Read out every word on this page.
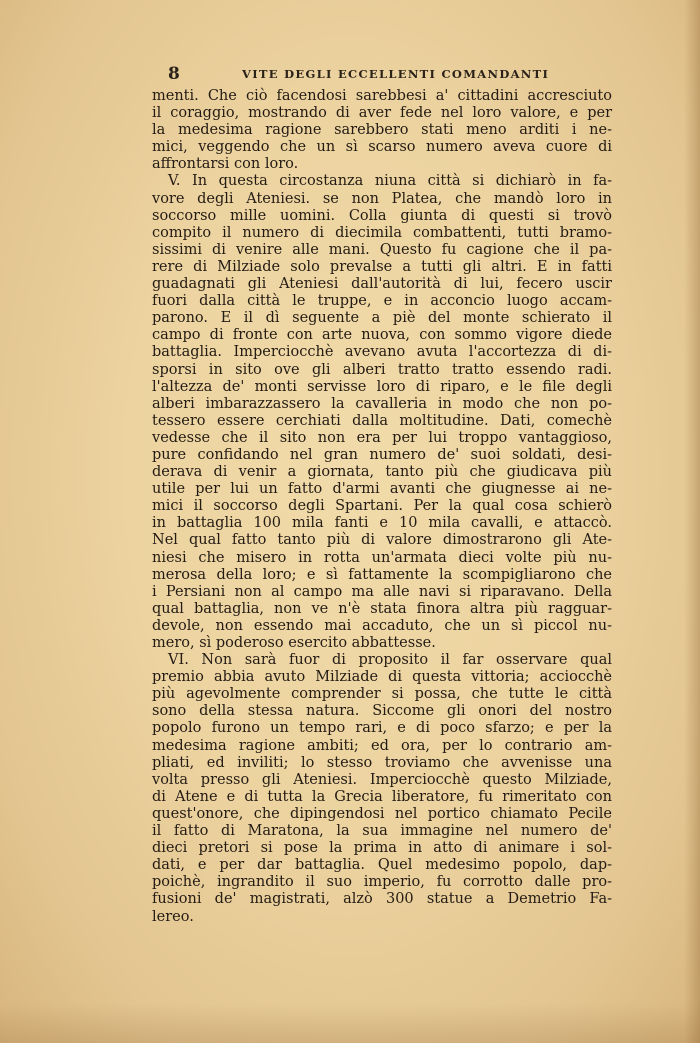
8	VITE DEGLI ECCELLENTI COMANDANTI
menti. Che ciò facendosi sarebbesi a' cittadini accresciuto
il coraggio, mostrando di aver fede nel loro valore, e per
la medesima ragione sarebbero stati meno arditi i ne-
mici, veggendo che un sì scarso numero aveva cuore di
affrontarsi con loro.
V. In questa circostanza niuna città si dichiarò in fa-
vore degli Ateniesi. se non Platea, che mandò loro in
soccorso mille uomini. Colla giunta di questi si trovò
compito il numero di diecimila combattenti, tutti bramo-
sissimi di venire alle mani. Questo fu cagione che il pa-
rere di Milziade solo prevalse a tutti gli altri. E in fatti
guadagnati gli Ateniesi dall'autorità di lui, fecero uscir
fuori dalla città le truppe, e in acconcio luogo accam-
parono. E il dì seguente a piè del monte schierato il
campo di fronte con arte nuova, con sommo vigore diede
battaglia. Imperciocchè avevano avuta l'accortezza di di-
sporsi in sito ove gli alberi tratto tratto essendo radi.
l'altezza de' monti servisse loro di riparo, e le file degli
alberi imbarazzassero la cavalleria in modo che non po-
tessero essere cerchiati dalla moltitudine. Dati, comechè
vedesse che il sito non era per lui troppo vantaggioso,
pure confidando nel gran numero de' suoi soldati, desi-
derava di venir a giornata, tanto più che giudicava più
utile per lui un fatto d'armi avanti che giugnesse ai ne-
mici il soccorso degli Spartani. Per la qual cosa schierò
in battaglia 100 mila fanti e 10 mila cavalli, e attaccò.
Nel qual fatto tanto più di valore dimostrarono gli Ate-
niesi che misero in rotta un'armata dieci volte più nu-
merosa della loro; e sì fattamente la scompigliarono che
i Persiani non al campo ma alle navi si riparavano. Della
qual battaglia, non ve n'è stata finora altra più ragguar-
devole, non essendo mai accaduto, che un sì piccol nu-
mero, sì poderoso esercito abbattesse.
VI. Non sarà fuor di proposito il far osservare qual
premio abbia avuto Milziade di questa vittoria; acciocchè
più agevolmente comprender si possa, che tutte le città
sono della stessa natura. Siccome gli onori del nostro
popolo furono un tempo rari, e di poco sfarzo; e per la
medesima ragione ambiti; ed ora, per lo contrario am-
pliati, ed inviliti; lo stesso troviamo che avvenisse una
volta presso gli Ateniesi. Imperciocchè questo Milziade,
di Atene e di tutta la Grecia liberatore, fu rimeritato con
quest'onore, che dipingendosi nel portico chiamato Pecile
il fatto di Maratona, la sua immagine nel numero de'
dieci pretori si pose la prima in atto di animare i sol-
dati, e per dar battaglia. Quel medesimo popolo, dap-
poichè, ingrandito il suo imperio, fu corrotto dalle pro-
fusioni de' magistrati, alzò 300 statue a Demetrio Fa-
lereo.
